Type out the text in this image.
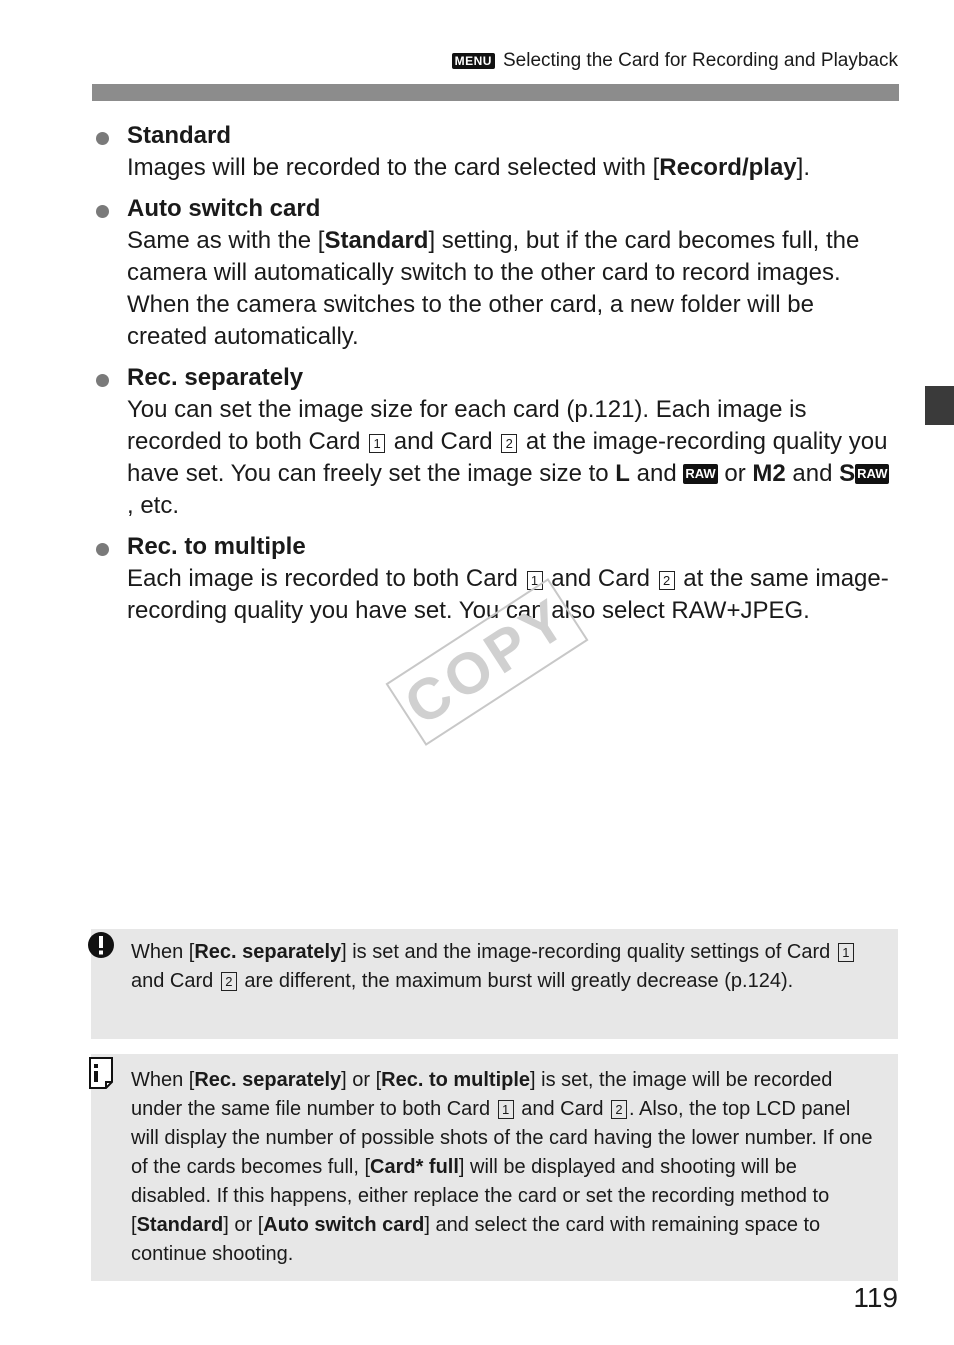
MENU Selecting the Card for Recording and Playback
Standard
Images will be recorded to the card selected with [Record/play].
Auto switch card
Same as with the [Standard] setting, but if the card becomes full, the camera will automatically switch to the other card to record images. When the camera switches to the other card, a new folder will be created automatically.
Rec. separately
You can set the image size for each card (p.121). Each image is recorded to both Card 1 and Card 2 at the image-recording quality you have set. You can freely set the image size to L and RAW or M2 and S RAW, etc.
Rec. to multiple
Each image is recorded to both Card 1 and Card 2 at the same image-recording quality you have set. You can also select RAW+JPEG.
COPY
When [Rec. separately] is set and the image-recording quality settings of Card 1 and Card 2 are different, the maximum burst will greatly decrease (p.124).
When [Rec. separately] or [Rec. to multiple] is set, the image will be recorded under the same file number to both Card 1 and Card 2 . Also, the top LCD panel will display the number of possible shots of the card having the lower number. If one of the cards becomes full, [Card* full] will be displayed and shooting will be disabled. If this happens, either replace the card or set the recording method to [Standard] or [Auto switch card] and select the card with remaining space to continue shooting.
119
